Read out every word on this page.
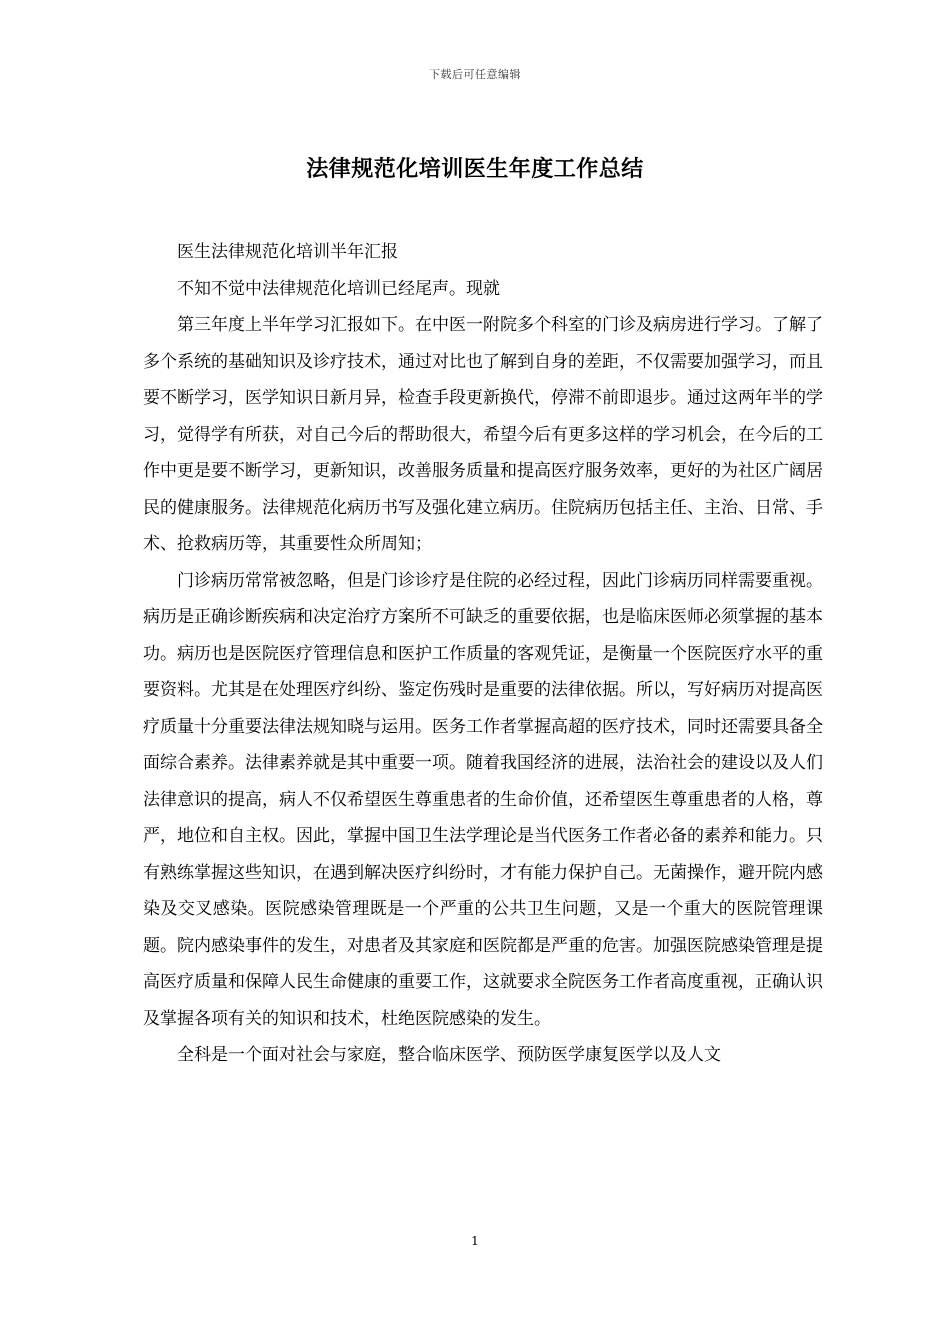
下载后可任意编辑
法律规范化培训医生年度工作总结

医生法律规范化培训半年汇报

不知不觉中法律规范化培训已经尾声。现就

第三年度上半年学习汇报如下。在中医一附院多个科室的门诊及病房进行学习。了解了多个系统的基础知识及诊疗技术，通过对比也了解到自身的差距，不仅需要加强学习，而且要不断学习，医学知识日新月异，检查手段更新换代，停滞不前即退步。通过这两年半的学习，觉得学有所获，对自己今后的帮助很大，希望今后有更多这样的学习机会，在今后的工作中更是要不断学习，更新知识，改善服务质量和提高医疗服务效率，更好的为社区广阔居民的健康服务。法律规范化病历书写及强化建立病历。住院病历包括主任、主治、日常、手术、抢救病历等，其重要性众所周知；

门诊病历常常被忽略，但是门诊诊疗是住院的必经过程，因此门诊病历同样需要重视。病历是正确诊断疾病和决定治疗方案所不可缺乏的重要依据，也是临床医师必须掌握的基本功。病历也是医院医疗管理信息和医护工作质量的客观凭证，是衡量一个医院医疗水平的重要资料。尤其是在处理医疗纠纷、鉴定伤残时是重要的法律依据。所以，写好病历对提高医疗质量十分重要法律法规知晓与运用。医务工作者掌握高超的医疗技术，同时还需要具备全面综合素养。法律素养就是其中重要一项。随着我国经济的进展，法治社会的建设以及人们法律意识的提高，病人不仅希望医生尊重患者的生命价值，还希望医生尊重患者的人格，尊严，地位和自主权。因此，掌握中国卫生法学理论是当代医务工作者必备的素养和能力。只有熟练掌握这些知识，在遇到解决医疗纠纷时，才有能力保护自己。无菌操作，避开院内感染及交叉感染。医院感染管理既是一个严重的公共卫生问题，又是一个重大的医院管理课题。院内感染事件的发生，对患者及其家庭和医院都是严重的危害。加强医院感染管理是提高医疗质量和保障人民生命健康的重要工作，这就要求全院医务工作者高度重视，正确认识及掌握各项有关的知识和技术，杜绝医院感染的发生。

全科是一个面对社会与家庭，整合临床医学、预防医学康复医学以及人文

1
